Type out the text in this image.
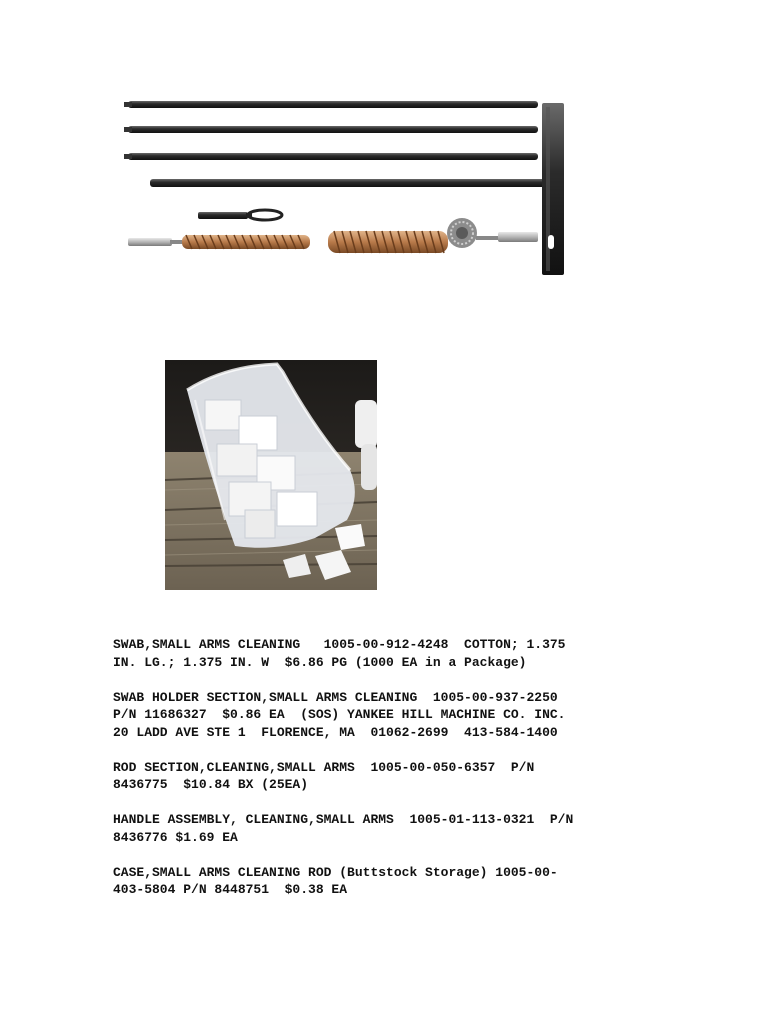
SWAB,SMALL ARMS CLEANING   1005-00-912-4248  COTTON; 1.375
IN. LG.; 1.375 IN. W  $6.86 PG (1000 EA in a Package)
SWAB HOLDER SECTION,SMALL ARMS CLEANING  1005-00-937-2250
P/N 11686327  $0.86 EA  (SOS) YANKEE HILL MACHINE CO. INC.
20 LADD AVE STE 1  FLORENCE, MA  01062-2699  413-584-1400
ROD SECTION,CLEANING,SMALL ARMS  1005-00-050-6357  P/N
8436775  $10.84 BX (25EA)
HANDLE ASSEMBLY, CLEANING,SMALL ARMS  1005-01-113-0321  P/N
8436776 $1.69 EA
CASE,SMALL ARMS CLEANING ROD (Buttstock Storage) 1005-00-
403-5804 P/N 8448751  $0.38 EA
